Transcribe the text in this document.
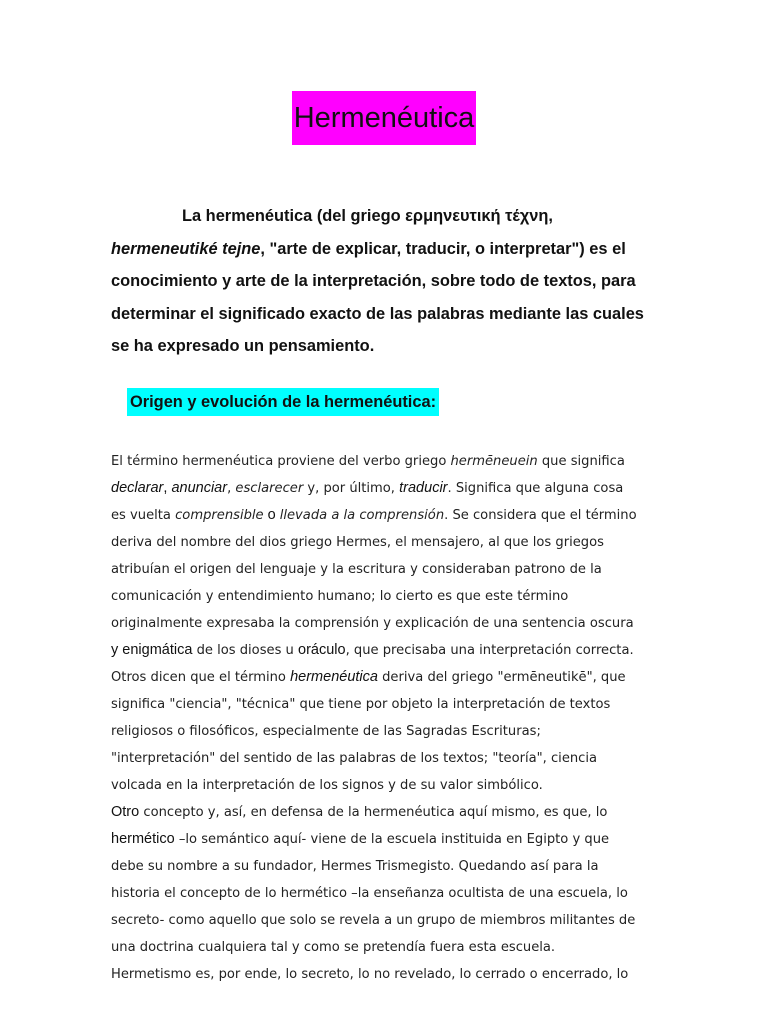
Hermenéutica

La hermenéutica (del griego ερμηνευτική τέχνη,
hermeneutiké tejne, "arte de explicar, traducir, o interpretar") es el
conocimiento y arte de la interpretación, sobre todo de textos, para
determinar el significado exacto de las palabras mediante las cuales
se ha expresado un pensamiento.

Origen y evolución de la hermenéutica:
El término hermenéutica proviene del verbo griego hermēneuein que significa
declarar, anunciar, esclarecer y, por último, traducir. Significa que alguna cosa
es vuelta comprensible o llevada a la comprensión. Se considera que el término
deriva del nombre del dios griego Hermes, el mensajero, al que los griegos
atribuían el origen del lenguaje y la escritura y consideraban patrono de la
comunicación y entendimiento humano; lo cierto es que este término
originalmente expresaba la comprensión y explicación de una sentencia oscura
y enigmática de los dioses u oráculo, que precisaba una interpretación correcta.
Otros dicen que el término hermenéutica deriva del griego "ermēneutikē", que
significa "ciencia", "técnica" que tiene por objeto la interpretación de textos
religiosos o filosóficos, especialmente de las Sagradas Escrituras;
"interpretación" del sentido de las palabras de los textos; "teoría", ciencia
volcada en la interpretación de los signos y de su valor simbólico.
Otro concepto y, así, en defensa de la hermenéutica aquí mismo, es que, lo
hermético –lo semántico aquí- viene de la escuela instituida en Egipto y que
debe su nombre a su fundador, Hermes Trismegisto. Quedando así para la
historia el concepto de lo hermético –la enseñanza ocultista de una escuela, lo
secreto- como aquello que solo se revela a un grupo de miembros militantes de
una doctrina cualquiera tal y como se pretendía fuera esta escuela.
Hermetismo es, por ende, lo secreto, lo no revelado, lo cerrado o encerrado, lo
